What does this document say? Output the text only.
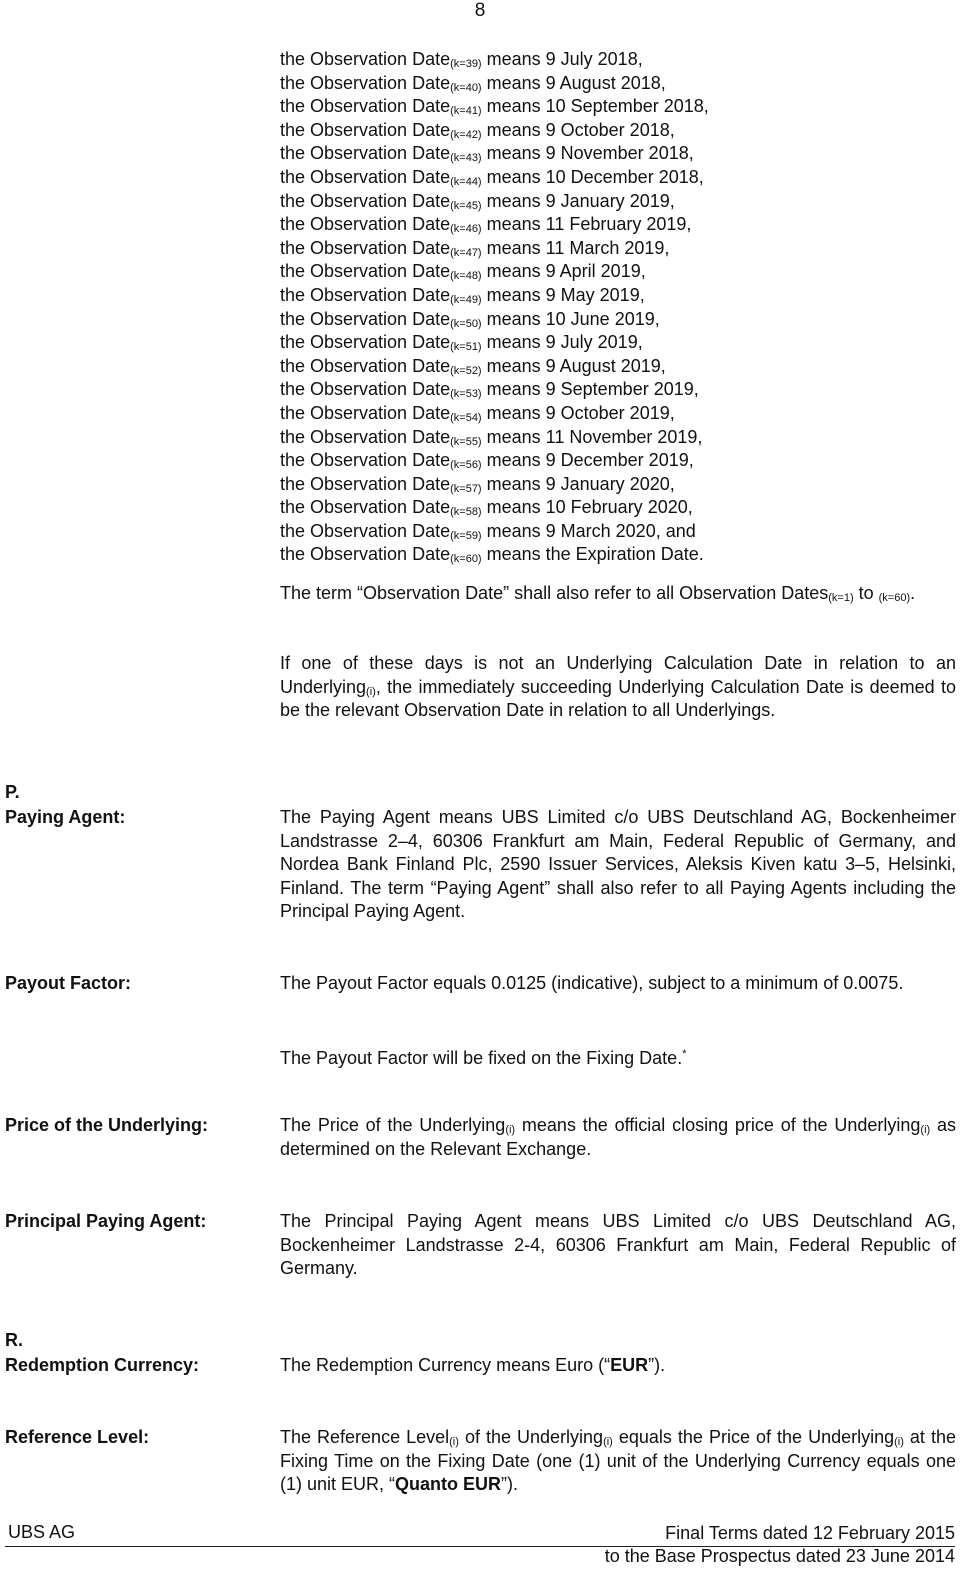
8
the Observation Date$_{(k=39)}$ means 9 July 2018,
the Observation Date$_{(k=40)}$ means 9 August 2018,
the Observation Date$_{(k=41)}$ means 10 September 2018,
the Observation Date$_{(k=42)}$ means 9 October 2018,
the Observation Date$_{(k=43)}$ means 9 November 2018,
the Observation Date$_{(k=44)}$ means 10 December 2018,
the Observation Date$_{(k=45)}$ means 9 January 2019,
the Observation Date$_{(k=46)}$ means 11 February 2019,
the Observation Date$_{(k=47)}$ means 11 March 2019,
the Observation Date$_{(k=48)}$ means 9 April 2019,
the Observation Date$_{(k=49)}$ means 9 May 2019,
the Observation Date$_{(k=50)}$ means 10 June 2019,
the Observation Date$_{(k=51)}$ means 9 July 2019,
the Observation Date$_{(k=52)}$ means 9 August 2019,
the Observation Date$_{(k=53)}$ means 9 September 2019,
the Observation Date$_{(k=54)}$ means 9 October 2019,
the Observation Date$_{(k=55)}$ means 11 November 2019,
the Observation Date$_{(k=56)}$ means 9 December 2019,
the Observation Date$_{(k=57)}$ means 9 January 2020,
the Observation Date$_{(k=58)}$ means 10 February 2020,
the Observation Date$_{(k=59)}$ means 9 March 2020, and
the Observation Date$_{(k=60)}$ means the Expiration Date.
The term “Observation Date” shall also refer to all Observation Dates$_{(k=1)}$ to $_{(k=60)}$.
If one of these days is not an Underlying Calculation Date in relation to an Underlying$_{(i)}$, the immediately succeeding Underlying Calculation Date is deemed to be the relevant Observation Date in relation to all Underlyings.
P.
Paying Agent:	The Paying Agent means UBS Limited c/o UBS Deutschland AG, Bockenheimer Landstrasse 2–4, 60306 Frankfurt am Main, Federal Republic of Germany, and Nordea Bank Finland Plc, 2590 Issuer Services, Aleksis Kiven katu 3–5, Helsinki, Finland. The term “Paying Agent” shall also refer to all Paying Agents including the Principal Paying Agent.
Payout Factor:	The Payout Factor equals 0.0125 (indicative), subject to a minimum of 0.0075.
The Payout Factor will be fixed on the Fixing Date.*
Price of the Underlying:	The Price of the Underlying$_{(i)}$ means the official closing price of the Underlying$_{(i)}$ as determined on the Relevant Exchange.
Principal Paying Agent:	The Principal Paying Agent means UBS Limited c/o UBS Deutschland AG, Bockenheimer Landstrasse 2-4, 60306 Frankfurt am Main, Federal Republic of Germany.
R.
Redemption Currency:	The Redemption Currency means Euro (“EUR”).
Reference Level:	The Reference Level$_{(i)}$ of the Underlying$_{(i)}$ equals the Price of the Underlying$_{(i)}$ at the Fixing Time on the Fixing Date (one (1) unit of the Underlying Currency equals one (1) unit EUR, “Quanto EUR”).
UBS AG	Final Terms dated 12 February 2015
to the Base Prospectus dated 23 June 2014
